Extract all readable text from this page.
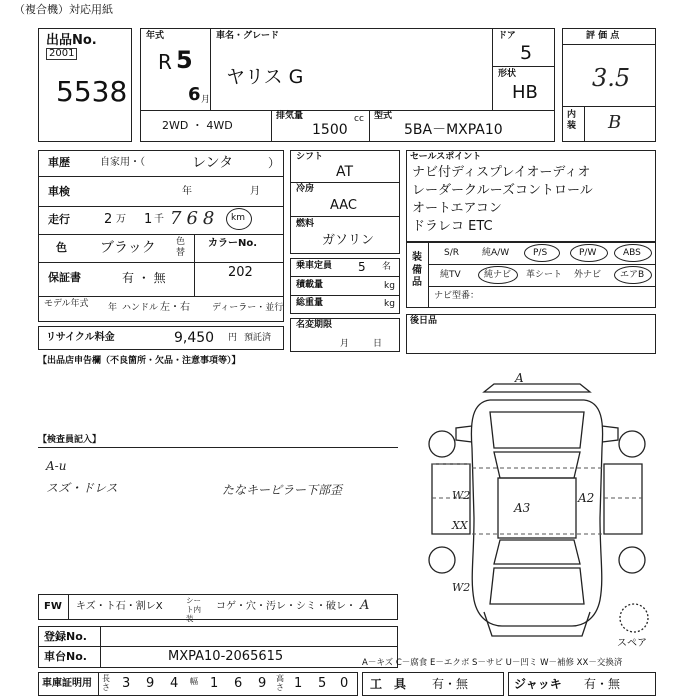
（複合機）対応用紙
出品No.
2001
5538
年式
R 5
6 月
車名・グレード
ヤリス G
ドア
5
形状
HB
2WD ・ 4WD
排気量
1500
cc 型式
5BA－MXPA10
評 価 点
3.5
内装 B
車歴	自家用・（	レンタ	）
車検	年	月
走行	2 万 1 千 768 km
色 ブラック 色替
カラーNo.
202
保証書	有 ・ 無
モデル年式 年 ハンドル 左・右 ディーラー・並行
リサイクル料金	9,450 円 預託済
シフト
AT
冷房
AAC
燃料
ガソリン
乗車定員 5 名
積載量	kg
総重量	kg
名変期限
月日
セールスポイント
ナビ付ディスプレイオーディオ
レーダークルーズコントロール
オートエアコン
ドラレコ ETC
装備品
S/R	純A/W	P/S	P/W	ABS
純TV	純ナビ 革シート 外ナビ エアB
ナビ型番：
後日品
【出品店申告欄（不良箇所・欠品・注意事項等）】
【検査員記入】
A-u
スズ・ドレス	たなキーピラー下部歪
A
A2
A3
W2
XX
W2
スペア
FW キズ・ト石・割レX
シート内装
コゲ・穴・汚レ・シミ・破レ・ A
登録No.
車台No.	MXPA10-2065615	A－キズ C－腐食 E－エクボ S－サビ U－凹ミ W－補修 XX－交換済
車庫証明用 長さ 3 9 4 幅 1 6 9 高さ 1 5 0 工　具 有・無	ジャッキ 有・無
